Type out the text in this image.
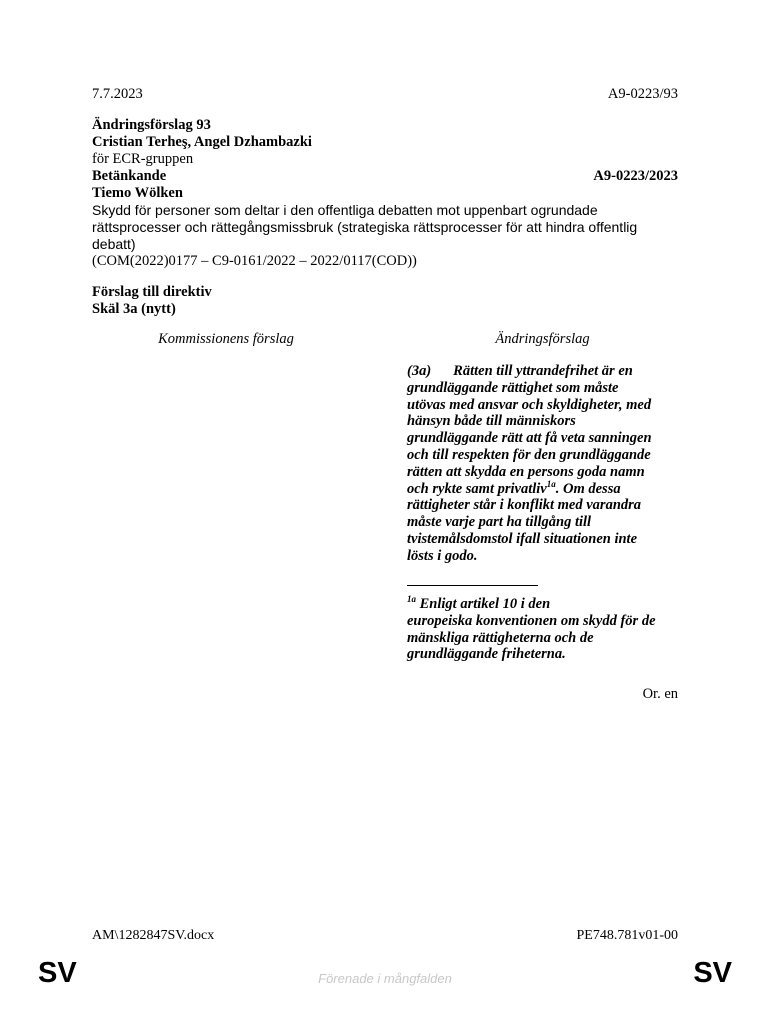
7.7.2023	A9-0223/93
Ändringsförslag 93
Cristian Terheş, Angel Dzhambazki
för ECR-gruppen
Betänkande	A9-0223/2023
Tiemo Wölken
Skydd för personer som deltar i den offentliga debatten mot uppenbart ogrundade
rättsprocesser och rättegångsmissbruk (strategiska rättsprocesser för att hindra offentlig
debatt)
(COM(2022)0177 – C9-0161/2022 – 2022/0117(COD))
Förslag till direktiv
Skäl 3a (nytt)
Kommissionens förslag	Ändringsförslag

(3a) Rätten till yttrandefrihet är en

grundläggande rättighet som måste

utövas med ansvar och skyldigheter, med

hänsyn både till människors

grundläggande rätt att få veta sanningen

och till respekten för den grundläggande

rätten att skydda en persons goda namn

och rykte samt privatliv$^{1a}$. Om dessa

rättigheter står i konflikt med varandra

måste varje part ha tillgång till

tvistemålsdomstol ifall situationen inte

lösts i godo.

$^{1a}$ Enligt artikel 10 i den

europeiska konventionen om skydd för de

mänskliga rättigheterna och de

grundläggande friheterna.

Or. en
AM\1282847SV.docx	PE748.781v01-00
SV	Förenade i mångfalden	SV
